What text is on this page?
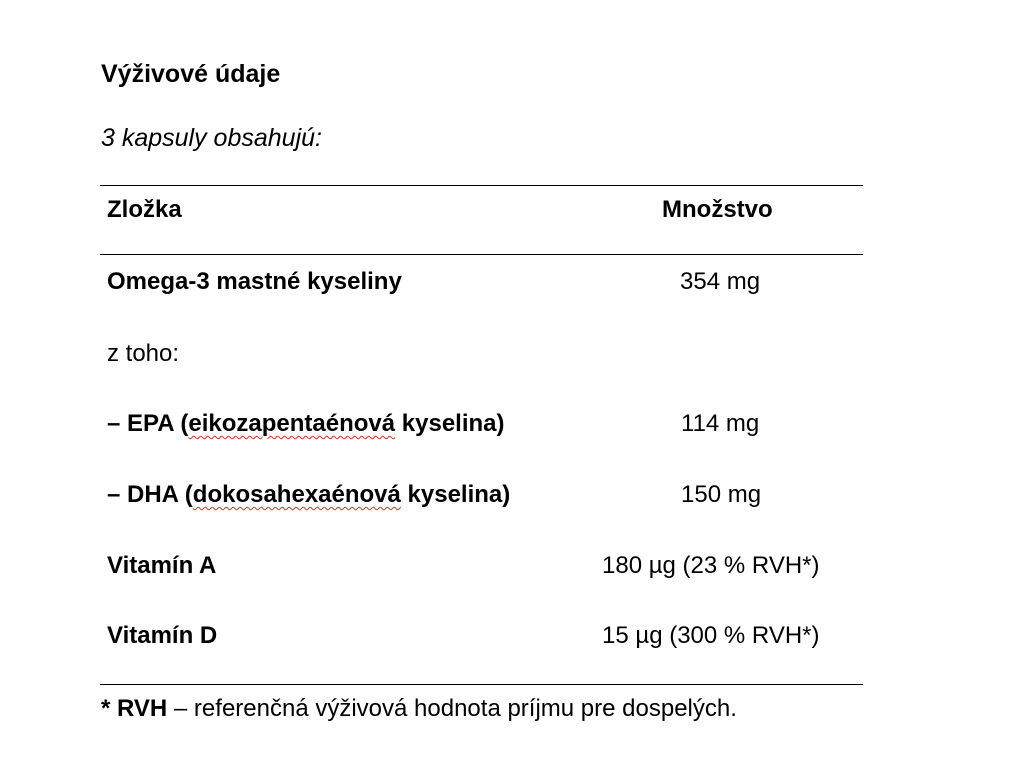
Výživové údaje
3 kapsuly obsahujú:
Zložka	Množstvo
Omega-3 mastné kyseliny	354 mg
z toho:
– EPA (eikozapentaénová kyselina)	114 mg
– DHA (dokosahexaénová kyselina)	150 mg
Vitamín A	180 µg (23 % RVH*)
Vitamín D	15 µg (300 % RVH*)
* RVH – referenčná výživová hodnota príjmu pre dospelých.
